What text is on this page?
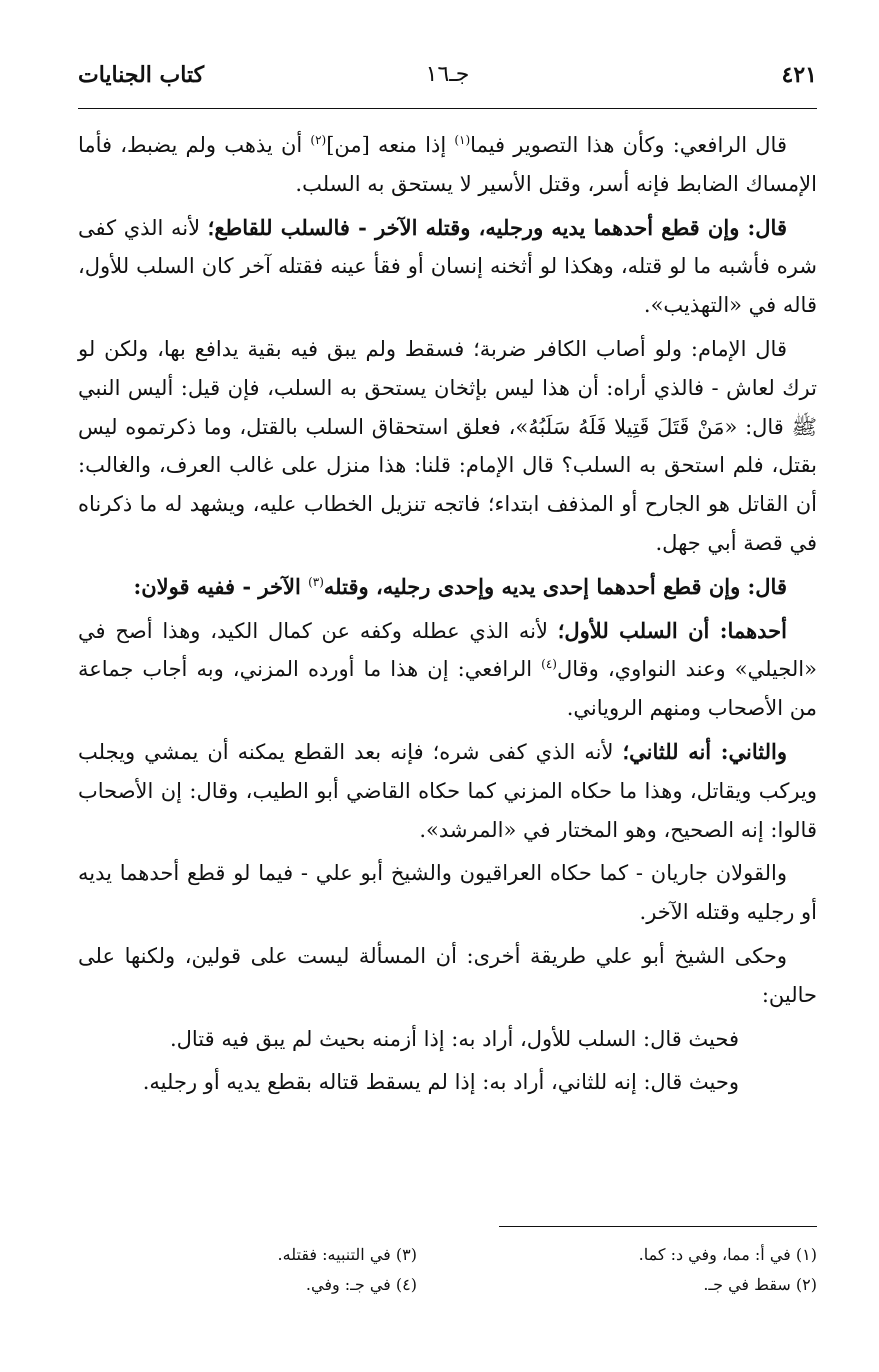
٤٢١
جـ١٦
كتاب الجنايات

قال الرافعي: وكأن هذا التصوير فيما$^{(١)}$ إذا منعه [من]$^{(٢)}$ أن يذهب ولم يضبط، فأما الإمساك الضابط فإنه أسر، وقتل الأسير لا يستحق به السلب.

قال: وإن قطع أحدهما يديه ورجليه، وقتله الآخر - فالسلب للقاطع؛ لأنه الذي كفى شره فأشبه ما لو قتله، وهكذا لو أثخنه إنسان أو فقأ عينه فقتله آخر كان السلب للأول، قاله في «التهذيب».

قال الإمام: ولو أصاب الكافر ضربة؛ فسقط ولم يبق فيه بقية يدافع بها، ولكن لو ترك لعاش - فالذي أراه: أن هذا ليس بإثخان يستحق به السلب، فإن قيل: أليس النبي ﷺ قال: «مَنْ قَتَلَ قَتِيلا فَلَهُ سَلَبُهُ»، فعلق استحقاق السلب بالقتل، وما ذكرتموه ليس بقتل، فلم استحق به السلب؟ قال الإمام: قلنا: هذا منزل على غالب العرف، والغالب: أن القاتل هو الجارح أو المذفف ابتداء؛ فاتجه تنزيل الخطاب عليه، ويشهد له ما ذكرناه في قصة أبي جهل.

قال: وإن قطع أحدهما إحدى يديه وإحدى رجليه، وقتله$^{(٣)}$ الآخر - ففيه قولان:

أحدهما: أن السلب للأول؛ لأنه الذي عطله وكفه عن كمال الكيد، وهذا أصح في «الجيلي» وعند النواوي، وقال$^{(٤)}$ الرافعي: إن هذا ما أورده المزني، وبه أجاب جماعة من الأصحاب ومنهم الروياني.

والثاني: أنه للثاني؛ لأنه الذي كفى شره؛ فإنه بعد القطع يمكنه أن يمشي ويجلب ويركب ويقاتل، وهذا ما حكاه المزني كما حكاه القاضي أبو الطيب، وقال: إن الأصحاب قالوا: إنه الصحيح، وهو المختار في «المرشد».

والقولان جاريان - كما حكاه العراقيون والشيخ أبو علي - فيما لو قطع أحدهما يديه أو رجليه وقتله الآخر.

وحكى الشيخ أبو علي طريقة أخرى: أن المسألة ليست على قولين، ولكنها على حالين:

فحيث قال: السلب للأول، أراد به: إذا أزمنه بحيث لم يبق فيه قتال.

وحيث قال: إنه للثاني، أراد به: إذا لم يسقط قتاله بقطع يديه أو رجليه.

(١) في أ: مما، وفي د: كما.
(٣) في التنبيه: فقتله.
(٢) سقط في جـ.
(٤) في جـ: وفي.
